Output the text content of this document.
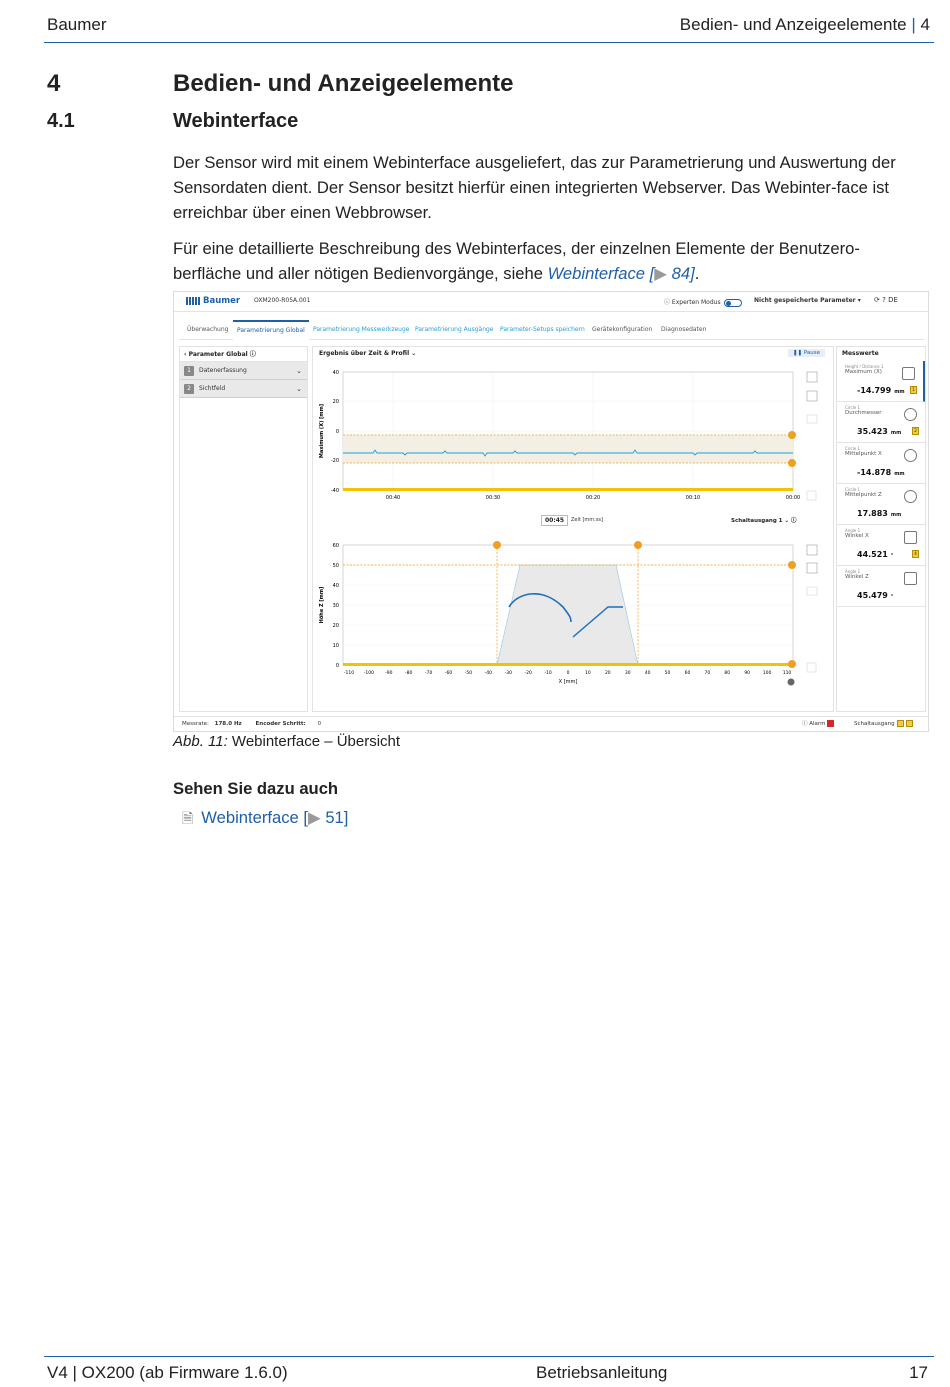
Baumer	Bedien- und Anzeigeelemente | 4
4	Bedien- und Anzeigeelemente
4.1	Webinterface
Der Sensor wird mit einem Webinterface ausgeliefert, das zur Parametrierung und Auswertung der Sensordaten dient. Der Sensor besitzt hierfür einen integrierten Webserver. Das Webinter-face ist erreichbar über einen Webbrowser.
Für eine detaillierte Beschreibung des Webinterfaces, der einzelnen Elemente der Benutzero-berfläche und aller nötigen Bedienvorgänge, siehe Webinterface [▶ 84].
Baumer OXM200-R05A.001	ⓘ Experten Modus	Nicht gespeicherte Parameter ▾ ⟳ ? DE
Überwachung	Parametrierung Global	Parametrierung Messwerkzeuge Parametrierung Ausgänge	Parameter-Setups speichern	Gerätekonfiguration	Diagnosedaten
‹ Parameter Global ⓘ
1	Datenerfassung	⌄
2	Sichtfeld	⌄
Ergebnis über Zeit & Profil ⌄	❚❚ Pause
40
20
0
-20
-40
00:40	00:30	00:20	00:10	00:00
Maximum (X) [mm]
00:45	Zeit [mm:ss]	Schaltausgang 1 ⌄ ⓘ
60
50
40
30
20
10
0
-110 -100 -90	-80	-70	-60	-50	-40	-30	-20	-10	0	10	20	30	40	50	60	70	80	90	100	110
X [mm]
Höhe Z [mm]
Messwerte
Height / Distance 1
Maximum (X)
-14.799 mm	1
Circle 1
Durchmesser
35.423 mm	2
Circle 1
Mittelpunkt X
-14.878 mm
Circle 1
Mittelpunkt Z
17.883 mm
Angle 1
Winkel X
44.521 °	4
Angle 1
Winkel Z
45.479 °
Messrate: 178.0 Hz	Encoder Schritt: 0	ⓘ Alarm	Schaltausgang
Abb. 11: Webinterface – Übersicht
Sehen Sie dazu auch
🗎 Webinterface [▶ 51]
V4 | OX200 (ab Firmware 1.6.0)	Betriebsanleitung	17
